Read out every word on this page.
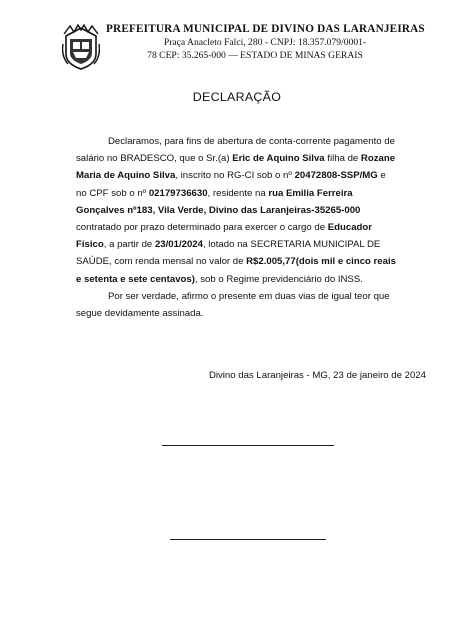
PREFEITURA MUNICIPAL DE DIVINO DAS LARANJEIRAS
Praça Anacleto Falci, 280 - CNPJ: 18.357.079/0001-
78 CEP: 35.265-000 — ESTADO DE MINAS GERAIS
DECLARAÇÃO

Declaramos, para fins de abertura de conta-corrente pagamento de salário no BRADESCO, que o Sr.(a) Eric de Aquino Silva filha de Rozane Maria de Aquino Silva, inscrito no RG-CI sob o nº 20472808-SSP/MG e no CPF sob o nº 02179736630, residente na rua Emilia Ferreira Gonçalves nº183, Vila Verde, Divino das Laranjeiras-35265-000 contratado por prazo determinado para exercer o cargo de Educador Físico, a partir de 23/01/2024, lotado na SECRETARIA MUNICIPAL DE SAÚDE, com renda mensal no valor de R$2.005,77(dois mil e cinco reais e setenta e sete centavos), sob o Regime previdenciário do INSS.

Por ser verdade, afirmo o presente em duas vias de igual teor que segue devidamente assinada.

Divino das Laranjeiras - MG, 23 de janeiro de 2024
